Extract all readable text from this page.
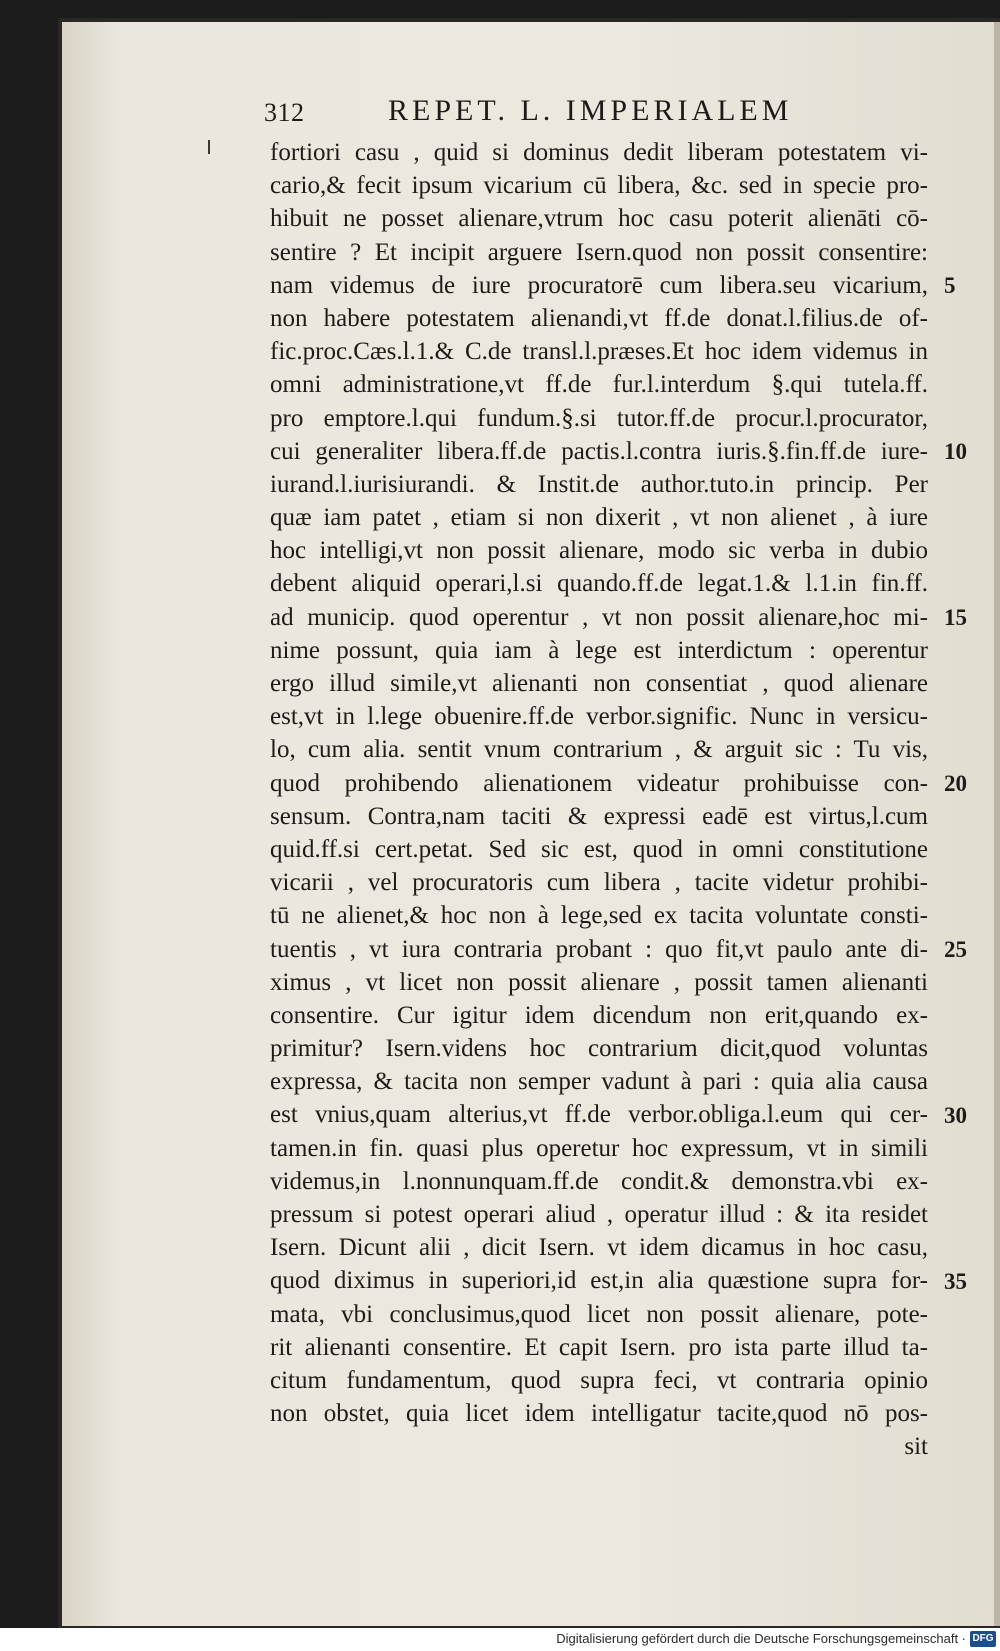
312	REPET. L. IMPERIALEM
fortiori casu , quid si dominus dedit liberam potestatem vi-
cario,& fecit ipsum vicarium cū libera, &c. sed in specie pro-
hibuit ne posset alienare,vtrum hoc casu poterit alienāti cō-
sentire ? Et incipit arguere Isern.quod non possit consentire:
nam videmus de iure procuratorē cum libera.seu vicarium,
non habere potestatem alienandi,vt ff.de donat.l.filius.de of-
fic.proc.Cæs.l.1.& C.de transl.l.præses.Et hoc idem videmus in
omni administratione,vt ff.de fur.l.interdum §.qui tutela.ff.
pro emptore.l.qui fundum.§.si tutor.ff.de procur.l.procurator,
cui generaliter libera.ff.de pactis.l.contra iuris.§.fin.ff.de iure-
iurand.l.iurisiurandi. & Instit.de author.tuto.in princip. Per
quæ iam patet , etiam si non dixerit , vt non alienet , à iure
hoc intelligi,vt non possit alienare, modo sic verba in dubio
debent aliquid operari,l.si quando.ff.de legat.1.& l.1.in fin.ff.
ad municip. quod operentur , vt non possit alienare,hoc mi-
nime possunt, quia iam à lege est interdictum : operentur
ergo illud simile,vt alienanti non consentiat , quod alienare
est,vt in l.lege obuenire.ff.de verbor.signific. Nunc in versicu-
lo, cum alia. sentit vnum contrarium , & arguit sic : Tu vis,
quod prohibendo alienationem videatur prohibuisse con-
sensum. Contra,nam taciti & expressi eadē est virtus,l.cum
quid.ff.si cert.petat. Sed sic est, quod in omni constitutione
vicarii , vel procuratoris cum libera , tacite videtur prohibi-
tū ne alienet,& hoc non à lege,sed ex tacita voluntate consti-
tuentis , vt iura contraria probant : quo fit,vt paulo ante di-
ximus , vt licet non possit alienare , possit tamen alienanti
consentire. Cur igitur idem dicendum non erit,quando ex-
primitur? Isern.videns hoc contrarium dicit,quod voluntas
expressa, & tacita non semper vadunt à pari : quia alia causa
est vnius,quam alterius,vt ff.de verbor.obliga.l.eum qui cer-
tamen.in fin. quasi plus operetur hoc expressum, vt in simili
videmus,in l.nonnunquam.ff.de condit.& demonstra.vbi ex-
pressum si potest operari aliud , operatur illud : & ita residet
Isern. Dicunt alii , dicit Isern. vt idem dicamus in hoc casu,
quod diximus in superiori,id est,in alia quæstione supra for-
mata, vbi conclusimus,quod licet non possit alienare, pote-
rit alienanti consentire. Et capit Isern. pro ista parte illud ta-
citum fundamentum, quod supra feci, vt contraria opinio
non obstet, quia licet idem intelligatur tacite,quod nō pos-
sit
5
10
15
20
25
30
35
Digitalisierung gefördert durch die Deutsche Forschungsgemeinschaft · DFG
